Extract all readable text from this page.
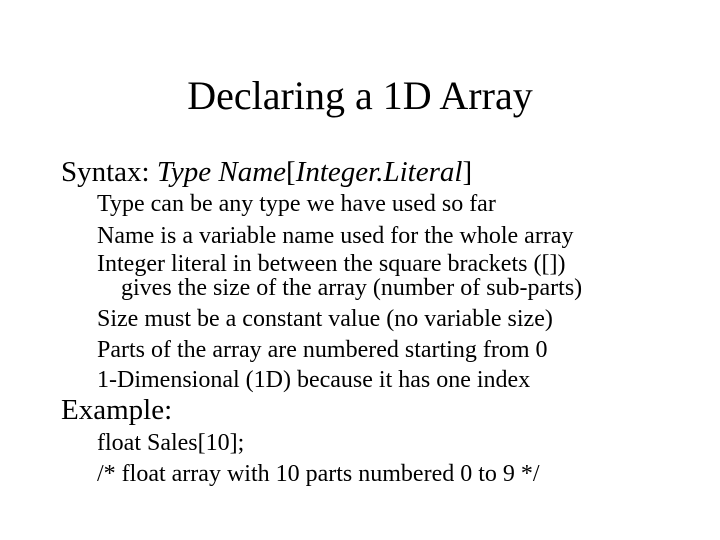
Declaring a 1D Array
Syntax: Type Name[Integer.Literal]
Type can be any type we have used so far
Name is a variable name used for the whole array
Integer literal in between the square brackets ([])
gives the size of the array (number of sub-parts)
Size must be a constant value (no variable size)
Parts of the array are numbered starting from 0
1-Dimensional (1D) because it has one index
Example:
float Sales[10];
/* float array with 10 parts numbered 0 to 9 */
